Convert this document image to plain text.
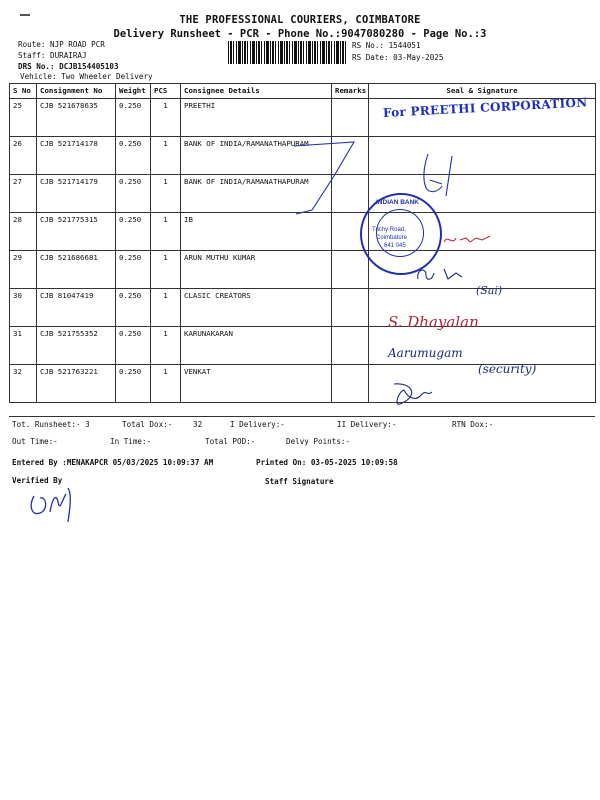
THE PROFESSIONAL COURIERS, COIMBATORE
Delivery Runsheet - PCR - Phone No.:9047080280 - Page No.:3
Route: NJP ROAD PCR
Staff: DURAIRAJ
DRS No.: DCJB154405103
Vehicle: Two Wheeler Delivery
RS No.: 1544051
RS Date: 03-May-2025
S No	Consignment No	Weight	PCS	Consignee Details	Remarks	Seal & Signature
25	CJB 521678635	0.250	1	PREETHI		
26	CJB 521714178	0.250	1	BANK OF INDIA/RAMANATHAPURAM		
27	CJB 521714179	0.250	1	BANK OF INDIA/RAMANATHAPURAM		
28	CJB 521775315	0.250	1	IB		
29	CJB 521686681	0.250	1	ARUN MUTHU KUMAR		
30	CJB 81047419	0.250	1	CLASIC CREATORS		
31	CJB 521755352	0.250	1	KARUNAKARAN		
32	CJB 521763221	0.250	1	VENKAT		
For PREETHI CORPORATION
INDIAN BANK
Trichy Road,
Coimbatore
641 045
(Sai)
S. Dhayalan
Aarumugam
(security)
Tot. Runsheet:- 3	Total Dox:-	32	I Delivery:-	II Delivery:-	RTN Dox:-
Out Time:-	In Time:-	Total POD:-	Delvy Points:-
Entered By :MENAKAPCR 05/03/2025 10:09:37 AM	Printed On: 03-05-2025 10:09:58
Verified By	Staff Signature
